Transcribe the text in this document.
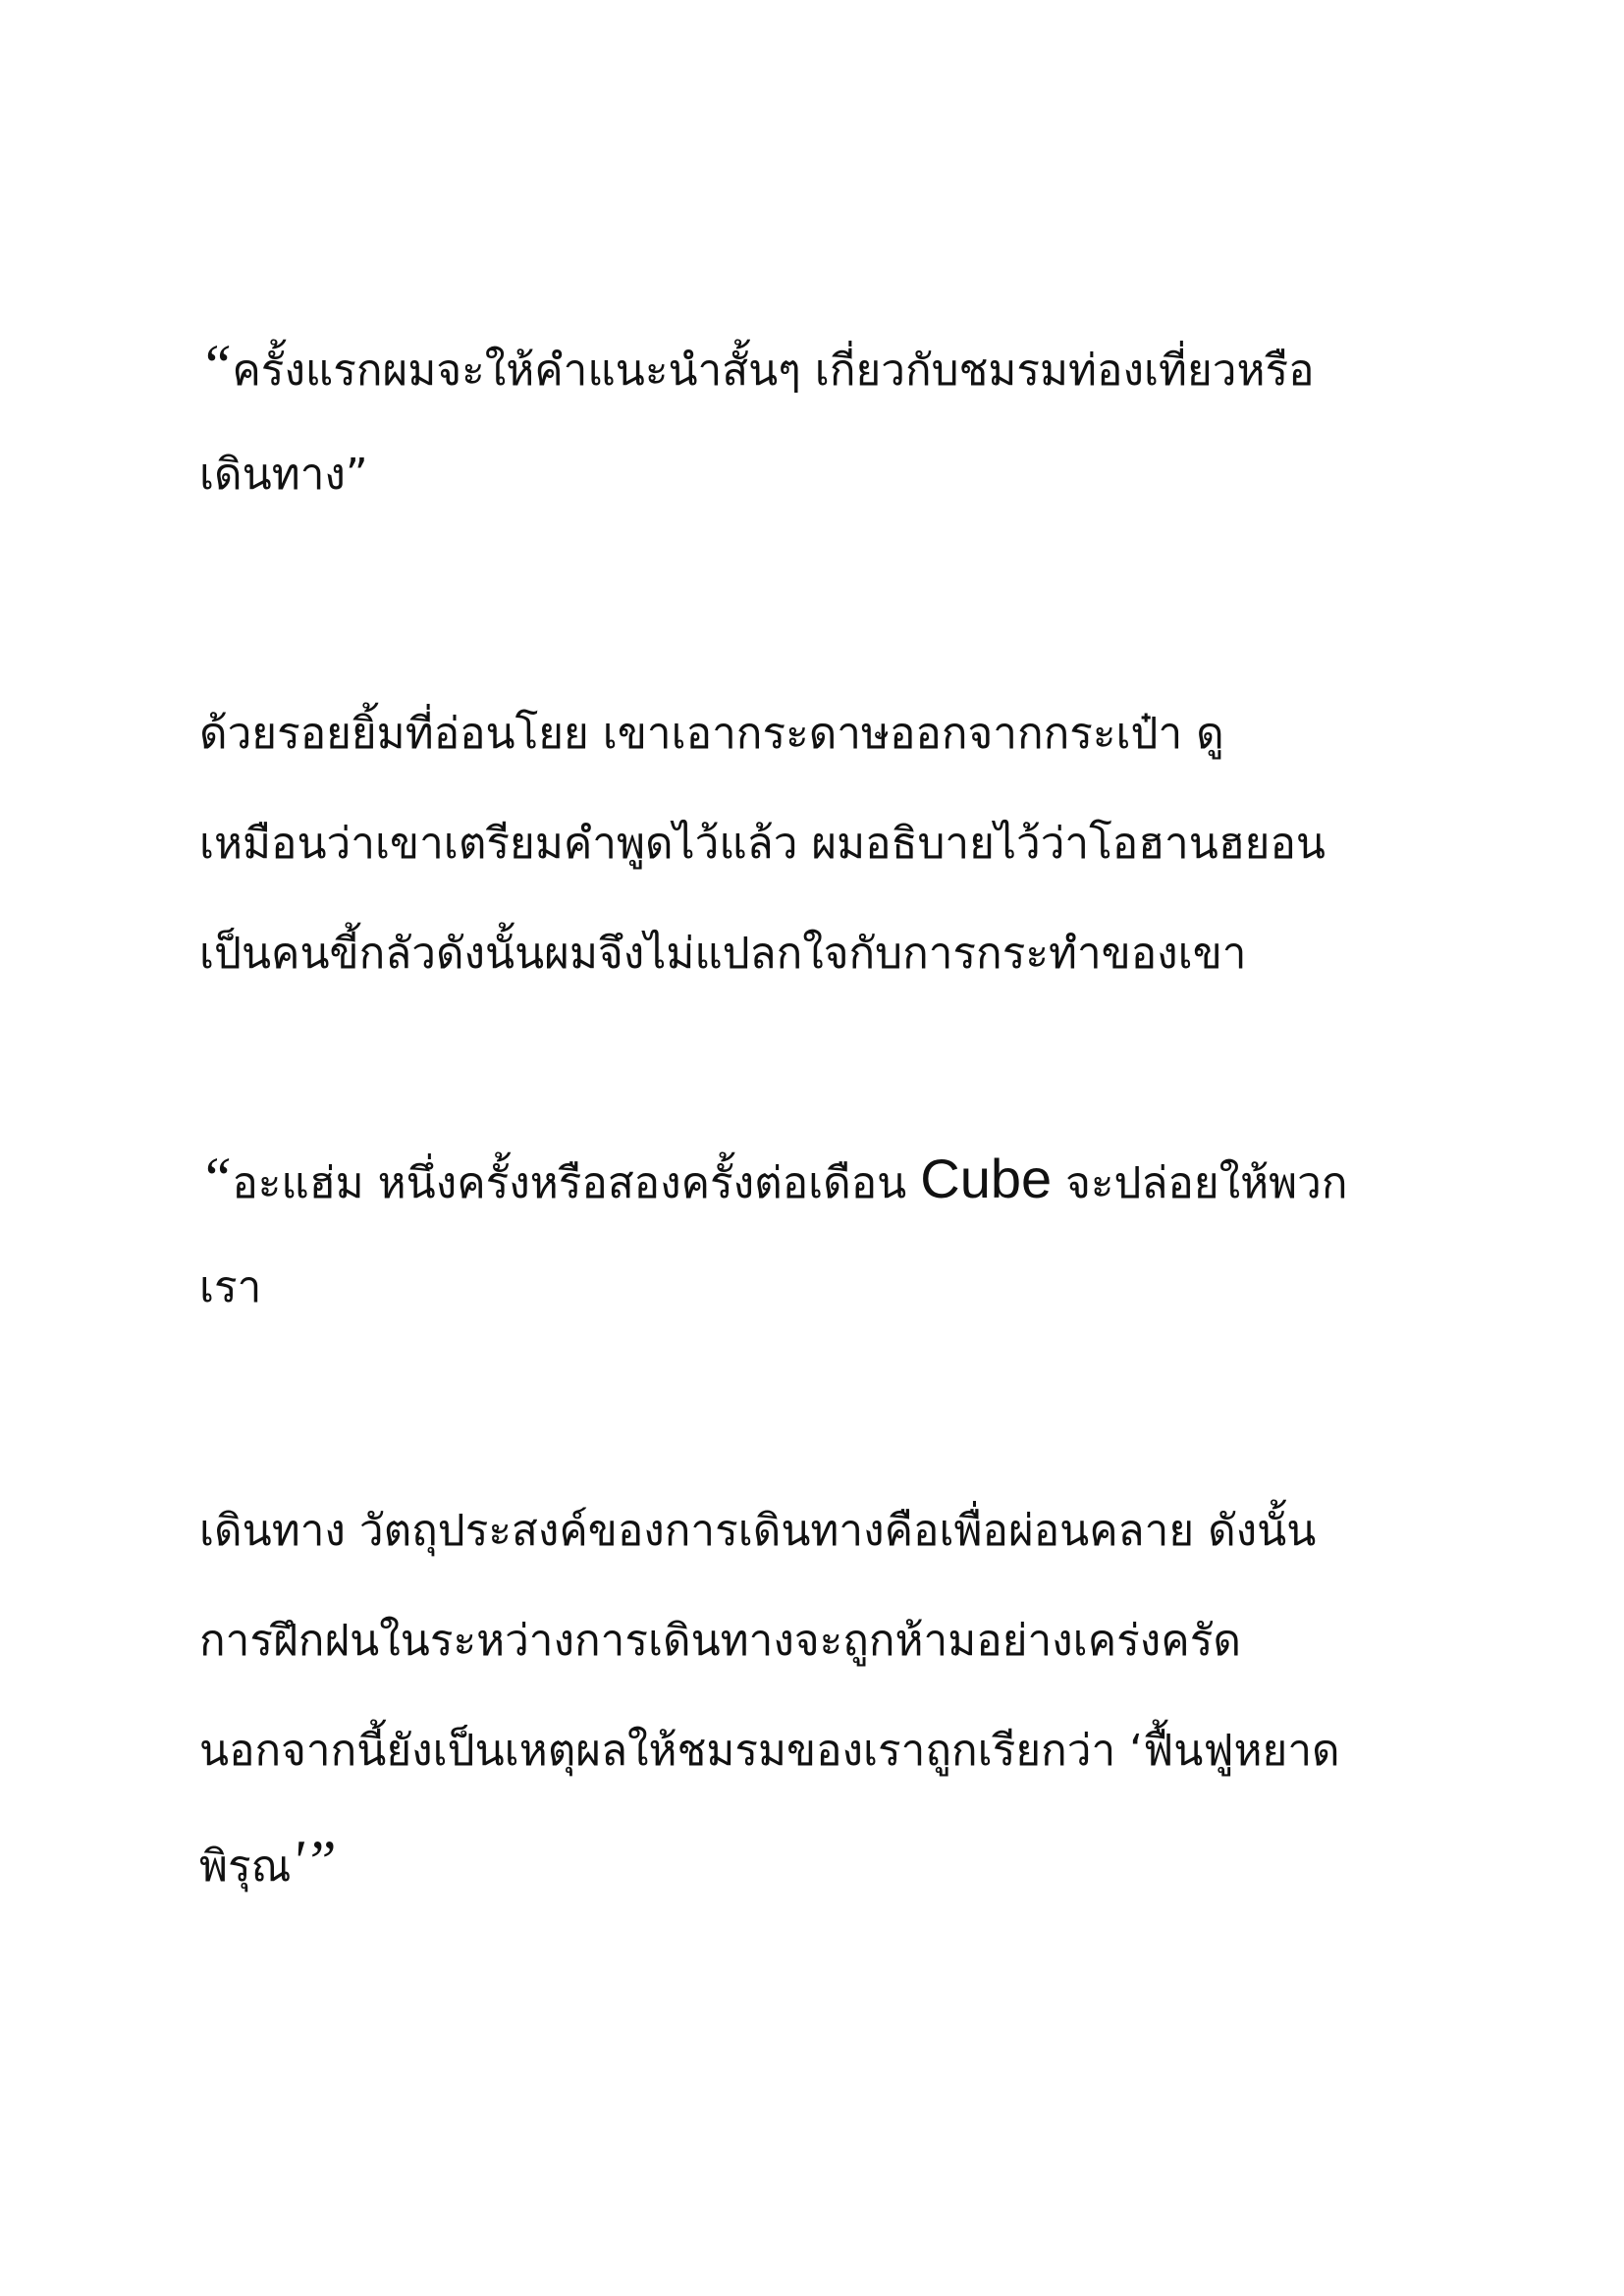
“ครั้งแรกผมจะให้คำแนะนำสั้นๆ เกี่ยวกับชมรมท่องเที่ยวหรือ
เดินทาง”

ด้วยรอยยิ้มที่อ่อนโยย เขาเอากระดาษออกจากกระเป๋า ดู
เหมือนว่าเขาเตรียมคำพูดไว้แล้ว ผมอธิบายไว้ว่าโอฮานฮยอน
เป็นคนขี้กลัวดังนั้นผมจึงไม่แปลกใจกับการกระทำของเขา

“อะแฮ่ม หนึ่งครั้งหรือสองครั้งต่อเดือน Cube จะปล่อยให้พวก
เรา

เดินทาง วัตถุประสงค์ของการเดินทางคือเพื่อผ่อนคลาย ดังนั้น
การฝึกฝนในระหว่างการเดินทางจะถูกห้ามอย่างเคร่งครัด
นอกจากนี้ยังเป็นเหตุผลให้ชมรมของเราถูกเรียกว่า ‘ฟื้นฟูหยาด
พิรุณ'”
